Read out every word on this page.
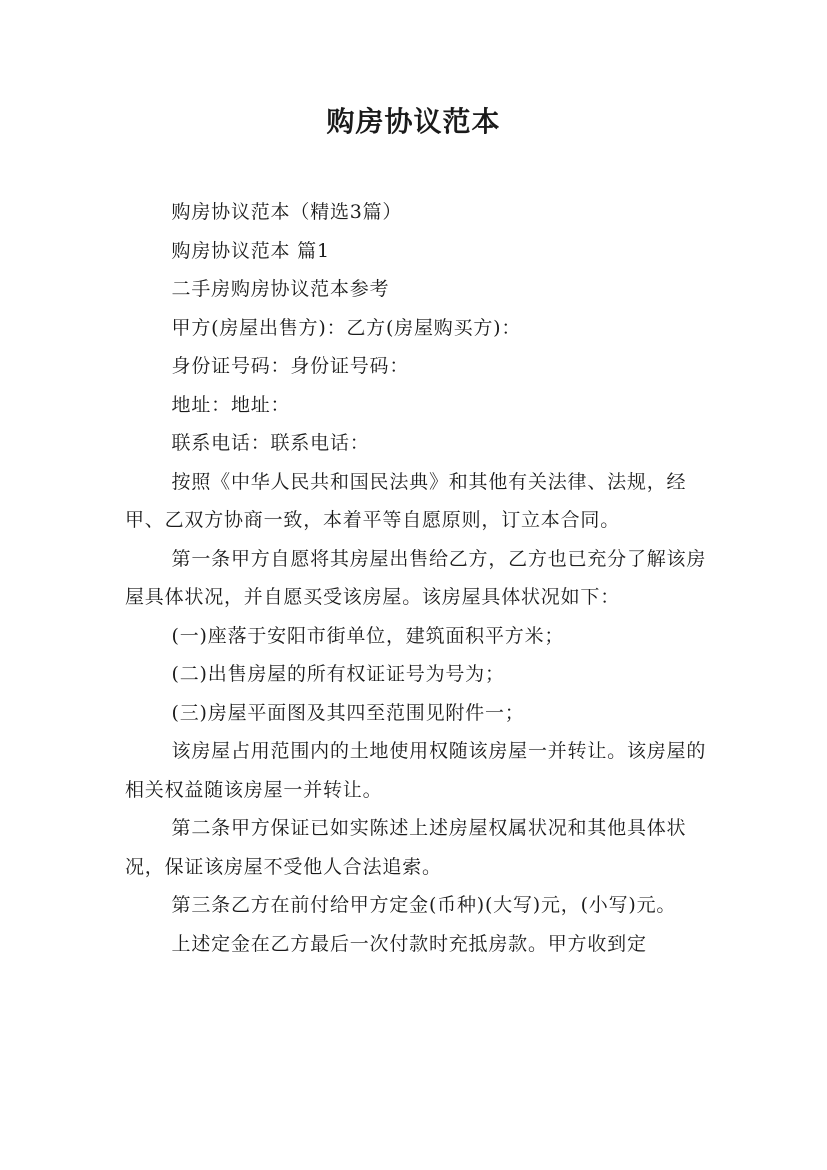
购房协议范本

购房协议范本（精选3篇）

购房协议范本 篇1

二手房购房协议范本参考

甲方(房屋出售方)：乙方(房屋购买方)：

身份证号码：身份证号码：

地址：地址：

联系电话：联系电话：

按照《中华人民共和国民法典》和其他有关法律、法规，经甲、乙双方协商一致，本着平等自愿原则，订立本合同。

第一条甲方自愿将其房屋出售给乙方，乙方也已充分了解该房屋具体状况，并自愿买受该房屋。该房屋具体状况如下：

(一)座落于安阳市街单位，建筑面积平方米；

(二)出售房屋的所有权证证号为号为；

(三)房屋平面图及其四至范围见附件一；

该房屋占用范围内的土地使用权随该房屋一并转让。该房屋的相关权益随该房屋一并转让。

第二条甲方保证已如实陈述上述房屋权属状况和其他具体状况，保证该房屋不受他人合法追索。

第三条乙方在前付给甲方定金(币种)(大写)元，(小写)元。

上述定金在乙方最后一次付款时充抵房款。甲方收到定
